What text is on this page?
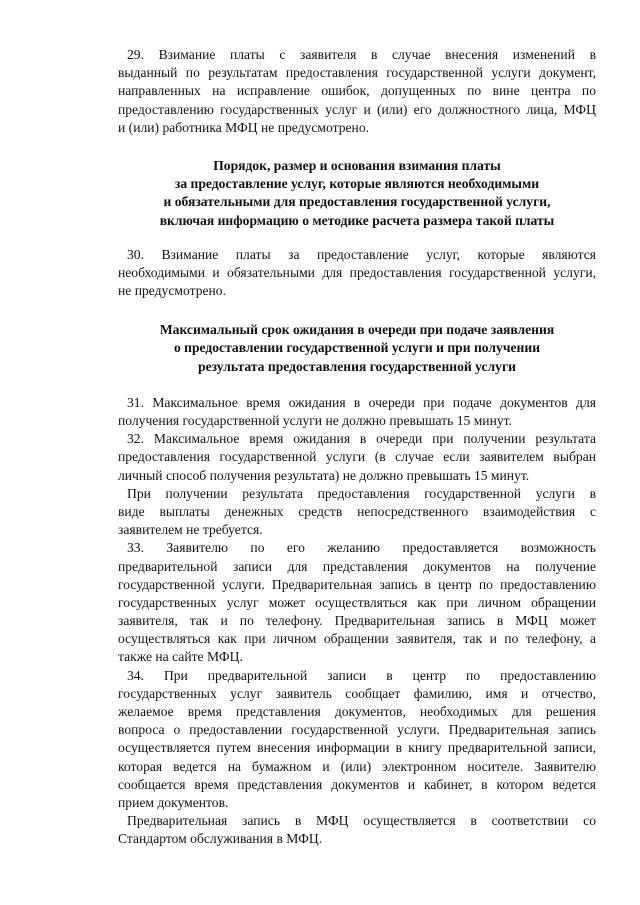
29. Взимание платы с заявителя в случае внесения изменений в
выданный по результатам предоставления государственной услуги документ,
направленных на исправление ошибок, допущенных по вине центра по
предоставлению государственных услуг и (или) его должностного лица, МФЦ
и (или) работника МФЦ не предусмотрено.
Порядок, размер и основания взимания платы
за предоставление услуг, которые являются необходимыми
и обязательными для предоставления государственной услуги,
включая информацию о методике расчета размера такой платы
30. Взимание платы за предоставление услуг, которые являются
необходимыми и обязательными для предоставления государственной услуги,
не предусмотрено.
Максимальный срок ожидания в очереди при подаче заявления
о предоставлении государственной услуги и при получении
результата предоставления государственной услуги
31. Максимальное время ожидания в очереди при подаче документов для
получения государственной услуги не должно превышать 15 минут.
32. Максимальное время ожидания в очереди при получении результата
предоставления государственной услуги (в случае если заявителем выбран
личный способ получения результата) не должно превышать 15 минут.
При получении результата предоставления государственной услуги в
виде выплаты денежных средств непосредственного взаимодействия с
заявителем не требуется.
33. Заявителю по его желанию предоставляется возможность
предварительной записи для представления документов на получение
государственной услуги. Предварительная запись в центр по предоставлению
государственных услуг может осуществляться как при личном обращении
заявителя, так и по телефону. Предварительная запись в МФЦ может
осуществляться как при личном обращении заявителя, так и по телефону, а
также на сайте МФЦ.
34. При предварительной записи в центр по предоставлению
государственных услуг заявитель сообщает фамилию, имя и отчество,
желаемое время представления документов, необходимых для решения
вопроса о предоставлении государственной услуги. Предварительная запись
осуществляется путем внесения информации в книгу предварительной записи,
которая ведется на бумажном и (или) электронном носителе. Заявителю
сообщается время представления документов и кабинет, в котором ведется
прием документов.
Предварительная запись в МФЦ осуществляется в соответствии со
Стандартом обслуживания в МФЦ.
